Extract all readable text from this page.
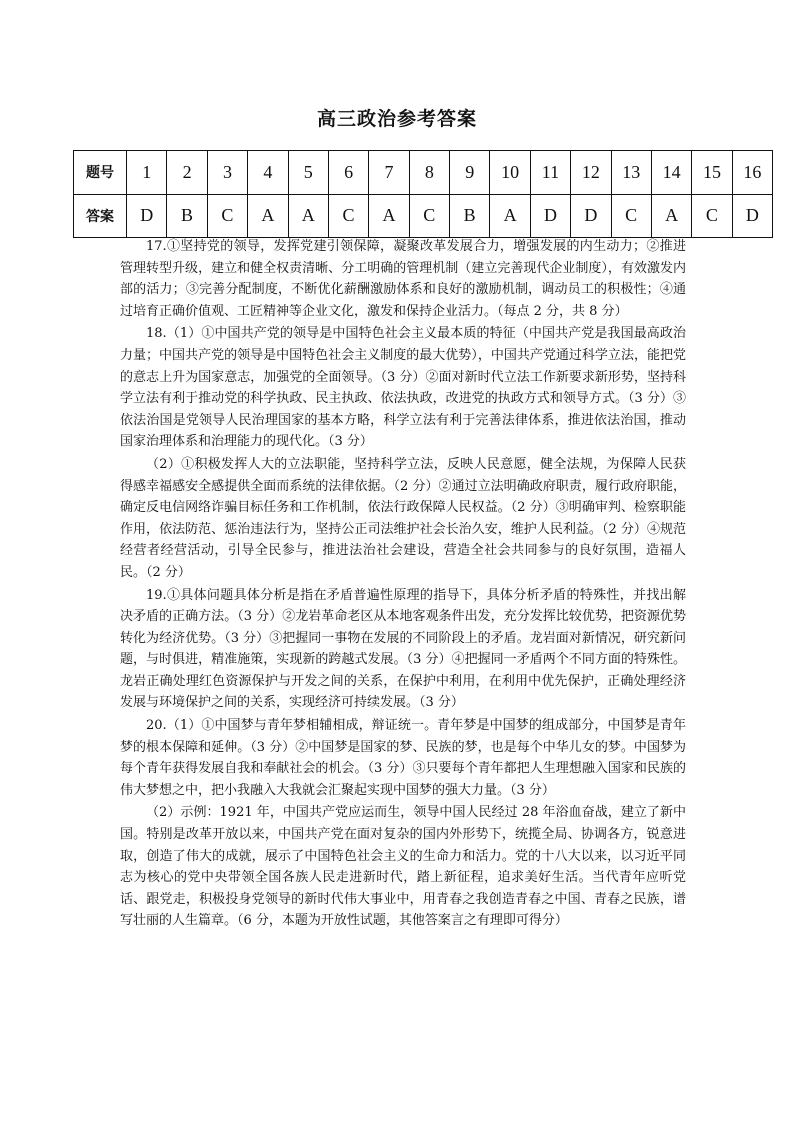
高三政治参考答案
题号	1	2	3	4	5	6	7	8	9	10	11	12	13	14	15	16
答案	D	B	C	A	A	C	A	C	B	A	D	D	C	A	C	D

17.①坚持党的领导，发挥党建引领保障，凝聚改革发展合力，增强发展的内生动力；②推进管理转型升级，建立和健全权责清晰、分工明确的管理机制（建立完善现代企业制度），有效激发内部的活力；③完善分配制度，不断优化薪酬激励体系和良好的激励机制，调动员工的积极性；④通过培育正确价值观、工匠精神等企业文化，激发和保持企业活力。（每点 2 分，共 8 分）

18.（1）①中国共产党的领导是中国特色社会主义最本质的特征（中国共产党是我国最高政治力量；中国共产党的领导是中国特色社会主义制度的最大优势），中国共产党通过科学立法，能把党的意志上升为国家意志，加强党的全面领导。（3 分）②面对新时代立法工作新要求新形势，坚持科学立法有利于推动党的科学执政、民主执政、依法执政，改进党的执政方式和领导方式。（3 分）③依法治国是党领导人民治理国家的基本方略，科学立法有利于完善法律体系，推进依法治国，推动国家治理体系和治理能力的现代化。（3 分）

（2）①积极发挥人大的立法职能，坚持科学立法，反映人民意愿，健全法规，为保障人民获得感幸福感安全感提供全面而系统的法律依据。（2 分）②通过立法明确政府职责，履行政府职能，确定反电信网络诈骗目标任务和工作机制，依法行政保障人民权益。（2 分）③明确审判、检察职能作用，依法防范、惩治违法行为，坚持公正司法维护社会长治久安，维护人民利益。（2 分）④规范经营者经营活动，引导全民参与，推进法治社会建设，营造全社会共同参与的良好氛围，造福人民。（2 分）

19.①具体问题具体分析是指在矛盾普遍性原理的指导下，具体分析矛盾的特殊性，并找出解决矛盾的正确方法。（3 分）②龙岩革命老区从本地客观条件出发，充分发挥比较优势，把资源优势转化为经济优势。（3 分）③把握同一事物在发展的不同阶段上的矛盾。龙岩面对新情况，研究新问题，与时俱进，精准施策，实现新的跨越式发展。（3 分）④把握同一矛盾两个不同方面的特殊性。龙岩正确处理红色资源保护与开发之间的关系，在保护中利用，在利用中优先保护，正确处理经济发展与环境保护之间的关系，实现经济可持续发展。（3 分）

20.（1）①中国梦与青年梦相辅相成，辩证统一。青年梦是中国梦的组成部分，中国梦是青年梦的根本保障和延伸。（3 分）②中国梦是国家的梦、民族的梦，也是每个中华儿女的梦。中国梦为每个青年获得发展自我和奉献社会的机会。（3 分）③只要每个青年都把人生理想融入国家和民族的伟大梦想之中，把小我融入大我就会汇聚起实现中国梦的强大力量。（3 分）

（2）示例：1921 年，中国共产党应运而生，领导中国人民经过 28 年浴血奋战，建立了新中国。特别是改革开放以来，中国共产党在面对复杂的国内外形势下，统揽全局、协调各方，锐意进取，创造了伟大的成就，展示了中国特色社会主义的生命力和活力。党的十八大以来，以习近平同志为核心的党中央带领全国各族人民走进新时代，踏上新征程，追求美好生活。当代青年应听党话、跟党走，积极投身党领导的新时代伟大事业中，用青春之我创造青春之中国、青春之民族，谱写壮丽的人生篇章。（6 分，本题为开放性试题，其他答案言之有理即可得分）
